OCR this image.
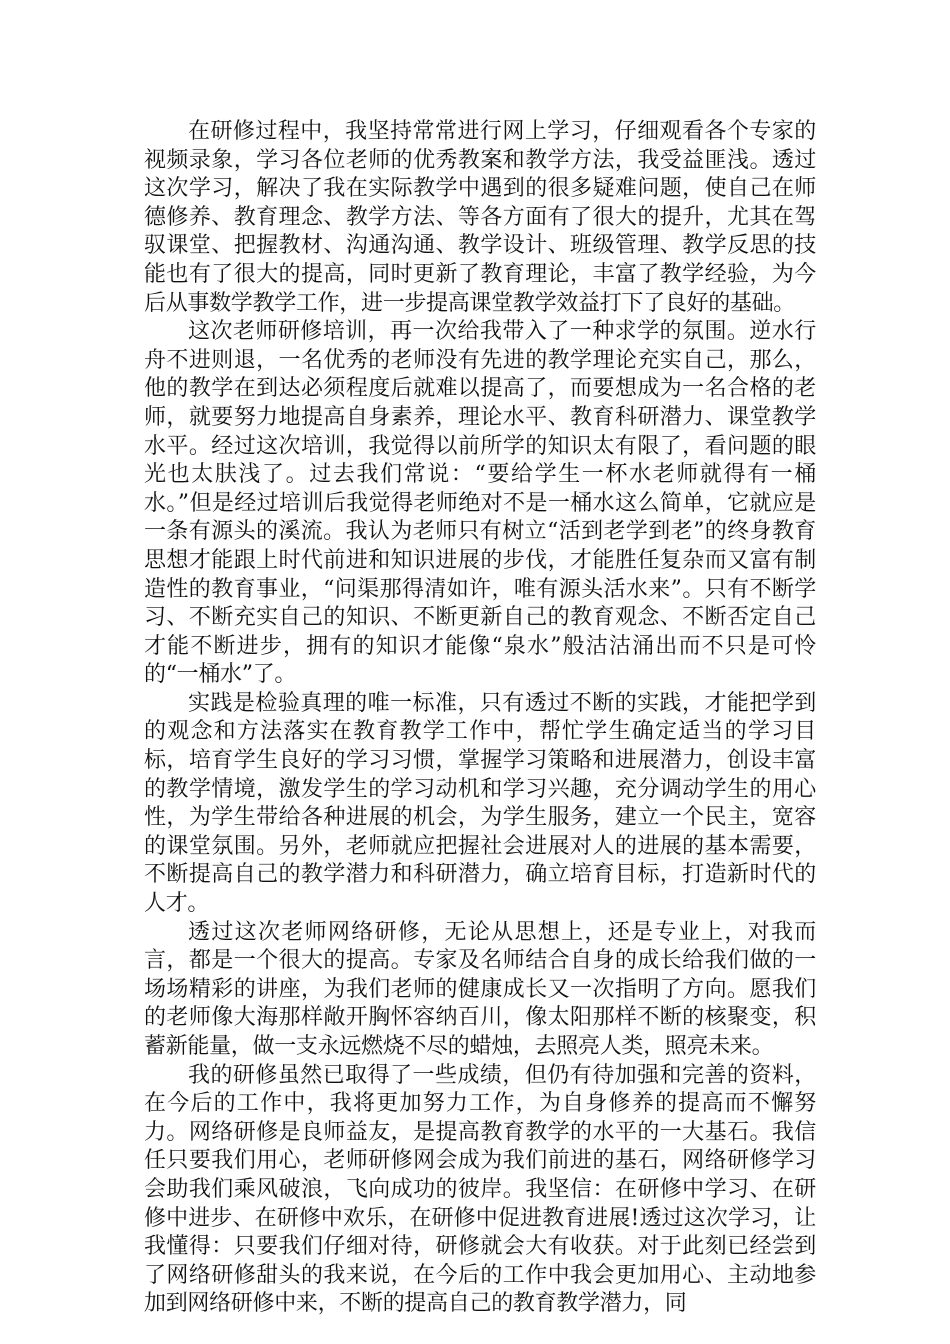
在研修过程中，我坚持常常进行网上学习，仔细观看各个专家的视频录象，学习各位老师的优秀教案和教学方法，我受益匪浅。透过这次学习，解决了我在实际教学中遇到的很多疑难问题，使自己在师德修养、教育理念、教学方法、等各方面有了很大的提升，尤其在驾驭课堂、把握教材、沟通沟通、教学设计、班级管理、教学反思的技能也有了很大的提高，同时更新了教育理论，丰富了教学经验，为今后从事数学教学工作，进一步提高课堂教学效益打下了良好的基础。

这次老师研修培训，再一次给我带入了一种求学的氛围。逆水行舟不进则退，一名优秀的老师没有先进的教学理论充实自己，那么，他的教学在到达必须程度后就难以提高了，而要想成为一名合格的老师，就要努力地提高自身素养，理论水平、教育科研潜力、课堂教学水平。经过这次培训，我觉得以前所学的知识太有限了，看问题的眼光也太肤浅了。过去我们常说：“要给学生一杯水老师就得有一桶水。”但是经过培训后我觉得老师绝对不是一桶水这么简单，它就应是一条有源头的溪流。我认为老师只有树立“活到老学到老”的终身教育思想才能跟上时代前进和知识进展的步伐，才能胜任复杂而又富有制造性的教育事业，“问渠那得清如许，唯有源头活水来”。只有不断学习、不断充实自己的知识、不断更新自己的教育观念、不断否定自己才能不断进步，拥有的知识才能像“泉水”般沽沽涌出而不只是可怜的“一桶水”了。

实践是检验真理的唯一标准，只有透过不断的实践，才能把学到的观念和方法落实在教育教学工作中，帮忙学生确定适当的学习目标，培育学生良好的学习习惯，掌握学习策略和进展潜力，创设丰富的教学情境，激发学生的学习动机和学习兴趣，充分调动学生的用心性，为学生带给各种进展的机会，为学生服务，建立一个民主，宽容的课堂氛围。另外，老师就应把握社会进展对人的进展的基本需要，不断提高自己的教学潜力和科研潜力，确立培育目标，打造新时代的人才。

透过这次老师网络研修，无论从思想上，还是专业上，对我而言，都是一个很大的提高。专家及名师结合自身的成长给我们做的一场场精彩的讲座，为我们老师的健康成长又一次指明了方向。愿我们的老师像大海那样敞开胸怀容纳百川，像太阳那样不断的核聚变，积蓄新能量，做一支永远燃烧不尽的蜡烛，去照亮人类，照亮未来。

我的研修虽然已取得了一些成绩，但仍有待加强和完善的资料，在今后的工作中，我将更加努力工作，为自身修养的提高而不懈努力。网络研修是良师益友，是提高教育教学的水平的一大基石。我信任只要我们用心，老师研修网会成为我们前进的基石，网络研修学习会助我们乘风破浪，飞向成功的彼岸。我坚信：在研修中学习、在研修中进步、在研修中欢乐，在研修中促进教育进展!透过这次学习，让我懂得：只要我们仔细对待，研修就会大有收获。对于此刻已经尝到了网络研修甜头的我来说，在今后的工作中我会更加用心、主动地参加到网络研修中来，不断的提高自己的教育教学潜力，同
